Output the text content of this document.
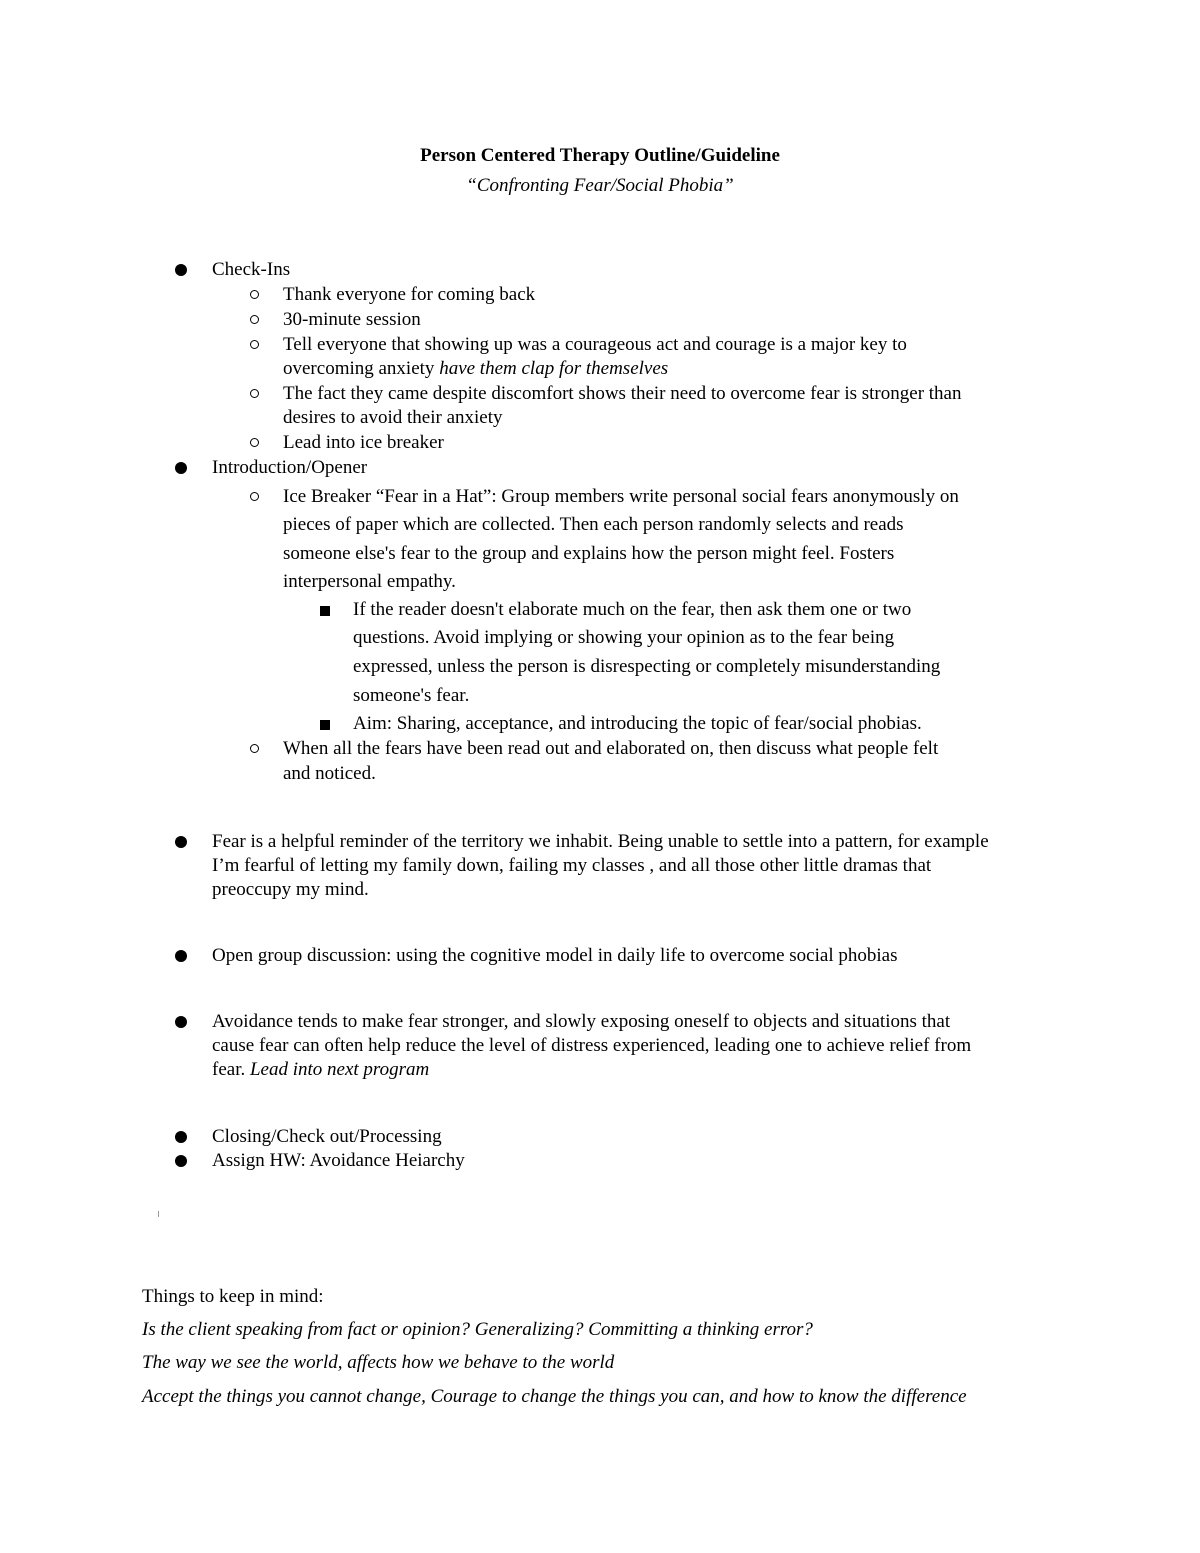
Person Centered Therapy Outline/Guideline
“Confronting Fear/Social Phobia”
Check-Ins
Thank everyone for coming back
30-minute session
Tell everyone that showing up was a courageous act and courage is a major key to
overcoming anxiety have them clap for themselves
The fact they came despite discomfort shows their need to overcome fear is stronger than
desires to avoid their anxiety
Lead into ice breaker
Introduction/Opener
Ice Breaker “Fear in a Hat”: Group members write personal social fears anonymously on
pieces of paper which are collected. Then each person randomly selects and reads
someone else's fear to the group and explains how the person might feel. Fosters
interpersonal empathy.
If the reader doesn't elaborate much on the fear, then ask them one or two
questions. Avoid implying or showing your opinion as to the fear being
expressed, unless the person is disrespecting or completely misunderstanding
someone's fear.
Aim: Sharing, acceptance, and introducing the topic of fear/social phobias.
When all the fears have been read out and elaborated on, then discuss what people felt
and noticed.
Fear is a helpful reminder of the territory we inhabit. Being unable to settle into a pattern, for example
I’m fearful of letting my family down, failing my classes , and all those other little dramas that
preoccupy my mind.
Open group discussion: using the cognitive model in daily life to overcome social phobias
Avoidance tends to make fear stronger, and slowly exposing oneself to objects and situations that
cause fear can often help reduce the level of distress experienced, leading one to achieve relief from
fear. Lead into next program
Closing/Check out/Processing
Assign HW: Avoidance Heiarchy
Things to keep in mind:
Is the client speaking from fact or opinion? Generalizing? Committing a thinking error?
The way we see the world, affects how we behave to the world
Accept the things you cannot change, Courage to change the things you can, and how to know the difference
